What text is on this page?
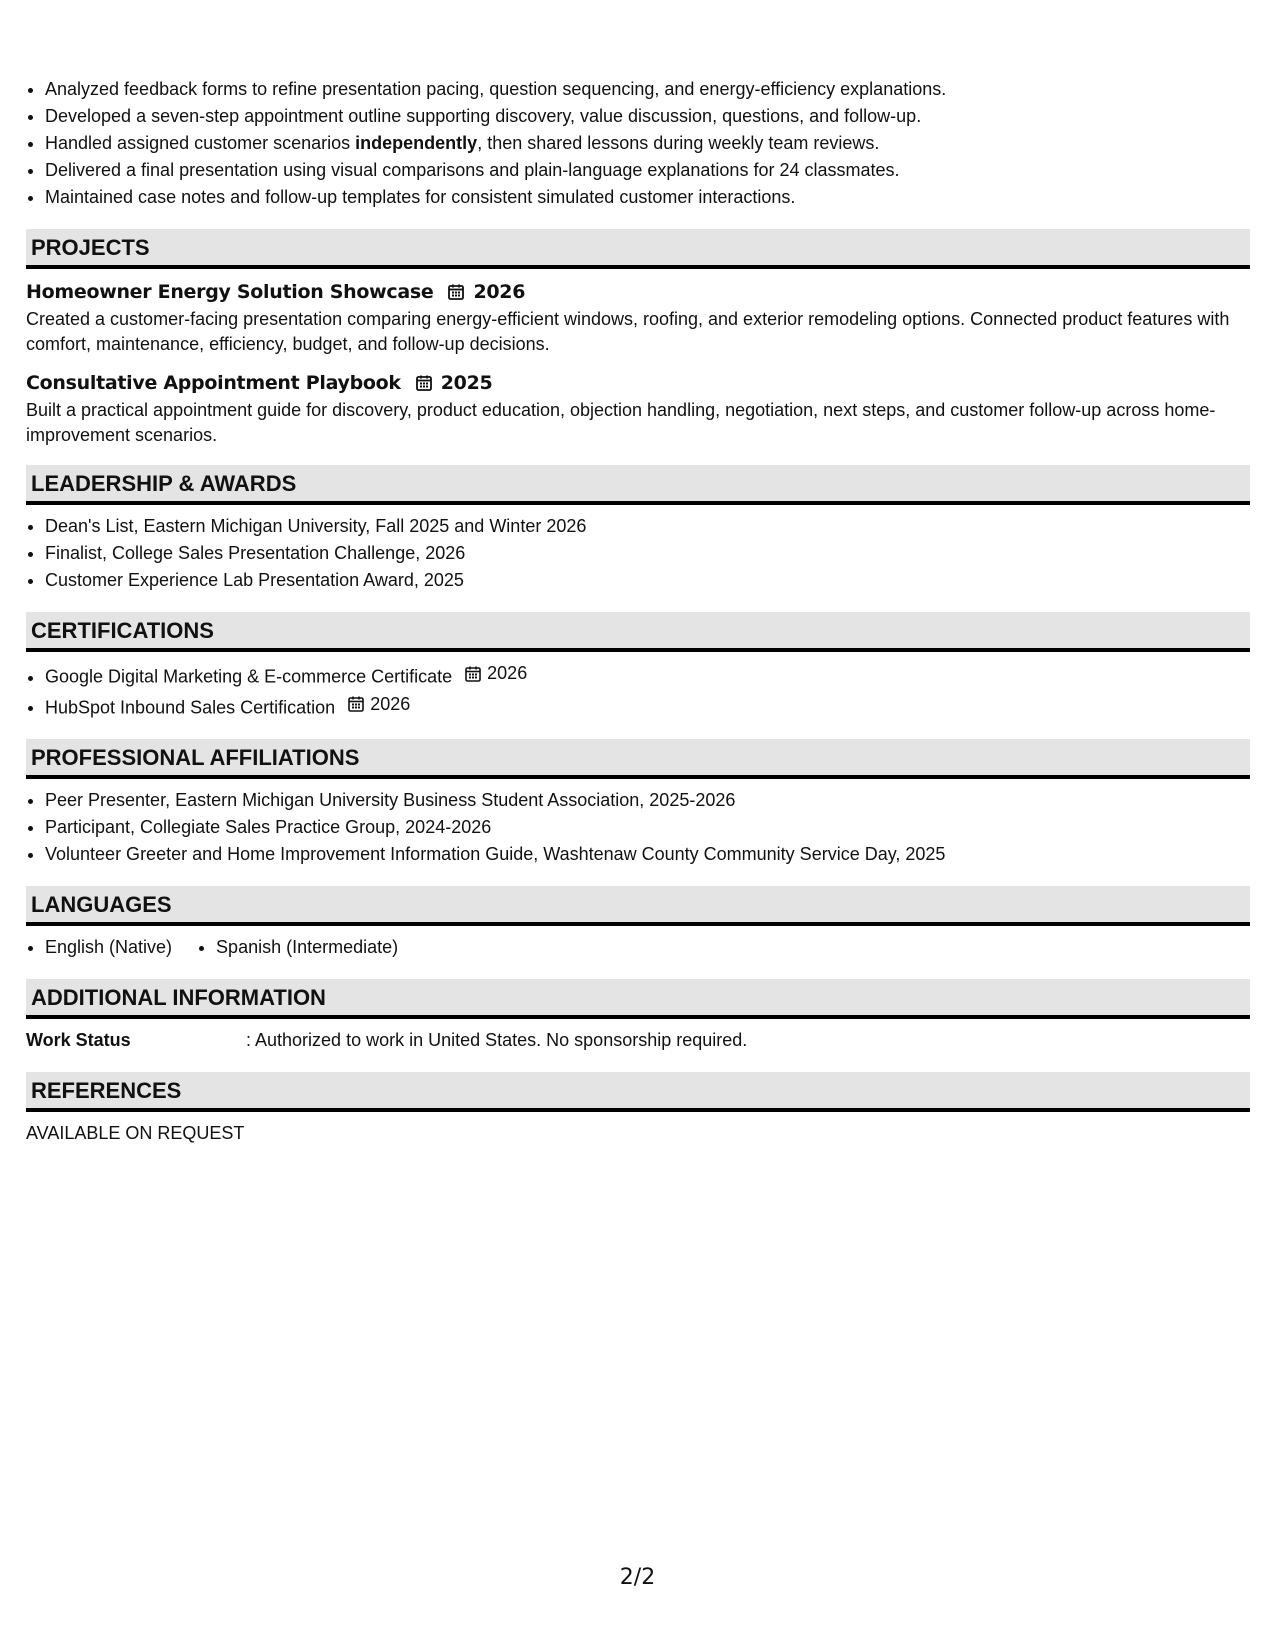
• Analyzed feedback forms to refine presentation pacing, question sequencing, and energy-efficiency explanations.
• Developed a seven-step appointment outline supporting discovery, value discussion, questions, and follow-up.
• Handled assigned customer scenarios independently, then shared lessons during weekly team reviews.
• Delivered a final presentation using visual comparisons and plain-language explanations for 24 classmates.
• Maintained case notes and follow-up templates for consistent simulated customer interactions.
PROJECTS
Homeowner Energy Solution Showcase 2026
Created a customer-facing presentation comparing energy-efficient windows, roofing, and exterior remodeling options. Connected product features with comfort, maintenance, efficiency, budget, and follow-up decisions.
Consultative Appointment Playbook 2025
Built a practical appointment guide for discovery, product education, objection handling, negotiation, next steps, and customer follow-up across home-improvement scenarios.
LEADERSHIP & AWARDS
• Dean's List, Eastern Michigan University, Fall 2025 and Winter 2026
• Finalist, College Sales Presentation Challenge, 2026
• Customer Experience Lab Presentation Award, 2025
CERTIFICATIONS
• Google Digital Marketing & E-commerce Certificate 2026
• HubSpot Inbound Sales Certification 2026
PROFESSIONAL AFFILIATIONS
• Peer Presenter, Eastern Michigan University Business Student Association, 2025-2026
• Participant, Collegiate Sales Practice Group, 2024-2026
• Volunteer Greeter and Home Improvement Information Guide, Washtenaw County Community Service Day, 2025
LANGUAGES
• English (Native)
• Spanish (Intermediate)
ADDITIONAL INFORMATION
Work Status	: Authorized to work in United States. No sponsorship required.
REFERENCES
AVAILABLE ON REQUEST
2/2
